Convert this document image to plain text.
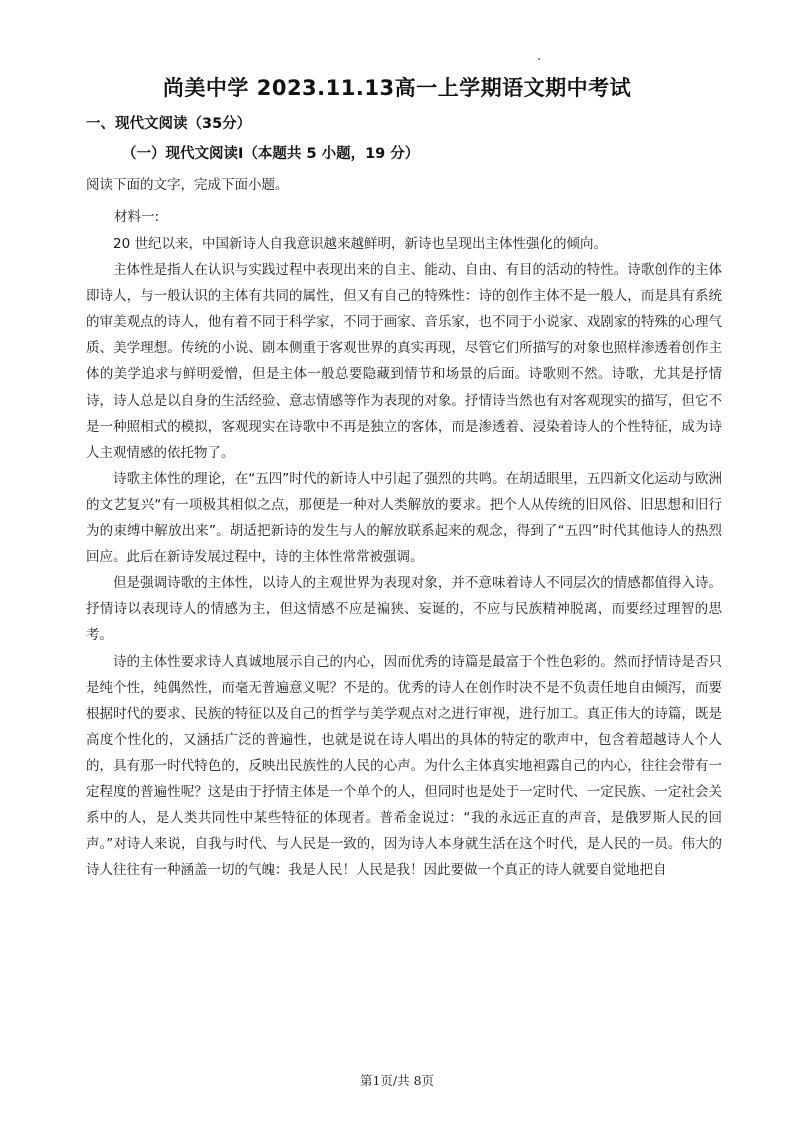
尚美中学 2023.11.13高一上学期语文期中考试
一、现代文阅读（35分）
（一）现代文阅读Ⅰ（本题共 5 小题，19 分）

阅读下面的文字，完成下面小题。

材料一:

20 世纪以来，中国新诗人自我意识越来越鲜明，新诗也呈现出主体性强化的倾向。

主体性是指人在认识与实践过程中表现出来的自主、能动、自由、有目的活动的特性。诗歌创作的主体即诗人，与一般认识的主体有共同的属性，但又有自己的特殊性：诗的创作主体不是一般人，而是具有系统的审美观点的诗人，他有着不同于科学家，不同于画家、音乐家，也不同于小说家、戏剧家的特殊的心理气质、美学理想。传统的小说、剧本侧重于客观世界的真实再现，尽管它们所描写的对象也照样渗透着创作主体的美学追求与鲜明爱憎，但是主体一般总要隐藏到情节和场景的后面。诗歌则不然。诗歌，尤其是抒情诗，诗人总是以自身的生活经验、意志情感等作为表现的对象。抒情诗当然也有对客观现实的描写，但它不是一种照相式的模拟，客观现实在诗歌中不再是独立的客体，而是渗透着、浸染着诗人的个性特征，成为诗人主观情感的依托物了。

诗歌主体性的理论，在“五四”时代的新诗人中引起了强烈的共鸣。在胡适眼里，五四新文化运动与欧洲的文艺复兴“有一项极其相似之点，那便是一种对人类解放的要求。把个人从传统的旧风俗、旧思想和旧行为的束缚中解放出来”。胡适把新诗的发生与人的解放联系起来的观念，得到了“五四”时代其他诗人的热烈回应。此后在新诗发展过程中，诗的主体性常常被强调。

但是强调诗歌的主体性，以诗人的主观世界为表现对象，并不意味着诗人不同层次的情感都值得入诗。抒情诗以表现诗人的情感为主，但这情感不应是褊狭、妄诞的，不应与民族精神脱离，而要经过理智的思考。

诗的主体性要求诗人真诚地展示自己的内心，因而优秀的诗篇是最富于个性色彩的。然而抒情诗是否只是纯个性，纯偶然性，而毫无普遍意义呢？不是的。优秀的诗人在创作时决不是不负责任地自由倾泻，而要根据时代的要求、民族的特征以及自己的哲学与美学观点对之进行审视，进行加工。真正伟大的诗篇，既是高度个性化的，又涵括广泛的普遍性，也就是说在诗人唱出的具体的特定的歌声中，包含着超越诗人个人的，具有那一时代特色的，反映出民族性的人民的心声。为什么主体真实地袒露自己的内心，往往会带有一定程度的普遍性呢？这是由于抒情主体是一个单个的人，但同时也是处于一定时代、一定民族、一定社会关系中的人，是人类共同性中某些特征的体现者。普希金说过：“我的永远正直的声音，是俄罗斯人民的回声。”对诗人来说，自我与时代、与人民是一致的，因为诗人本身就生活在这个时代，是人民的一员。伟大的诗人往往有一种涵盖一切的气魄：我是人民！人民是我！因此要做一个真正的诗人就要自觉地把自

第1页/共 8页
